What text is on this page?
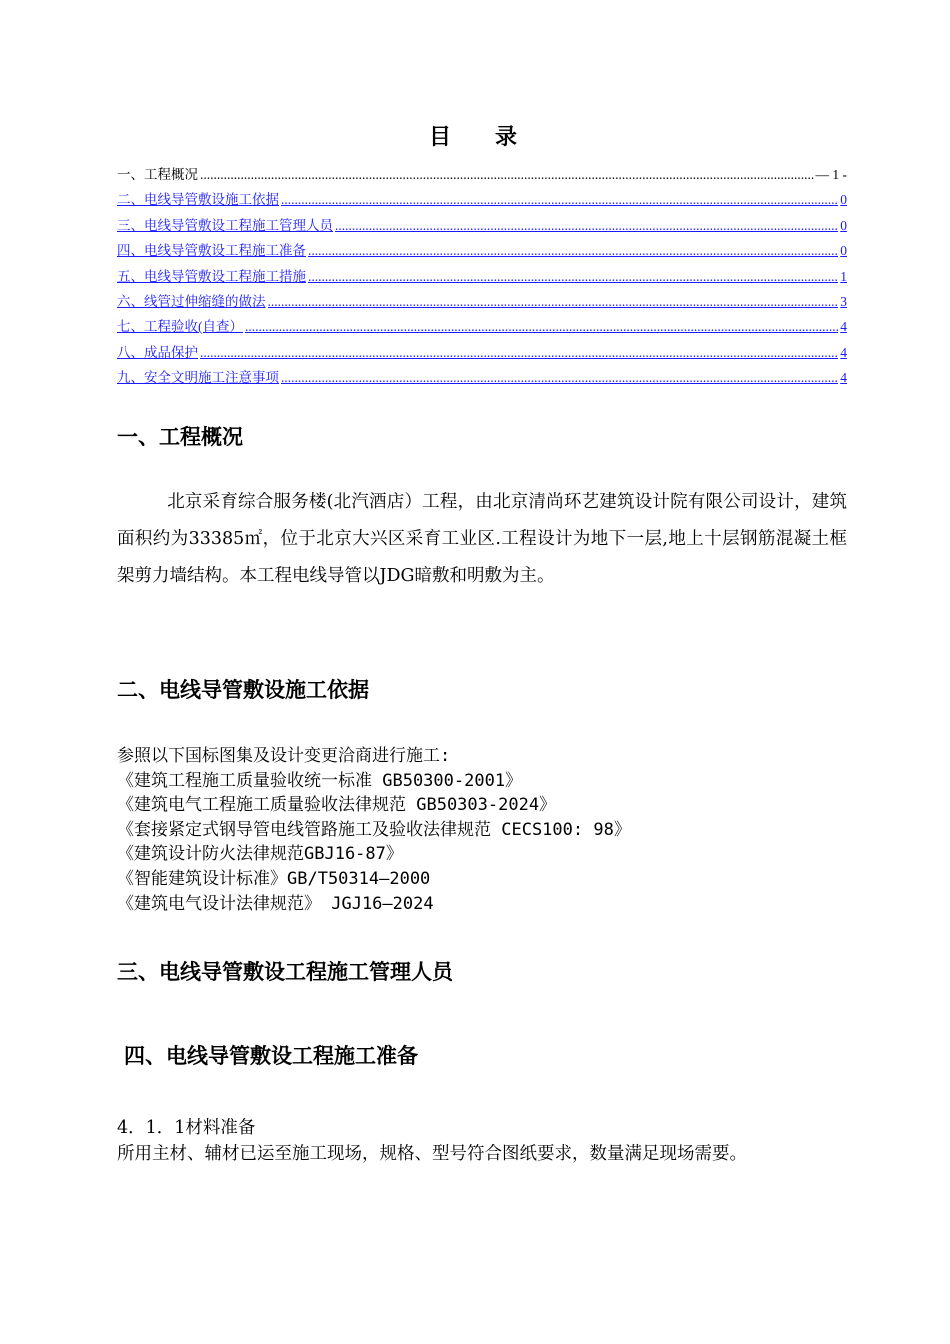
目 录
一、工程概况 .....	— 1 -
二、电线导管敷设施工依据 .....	0
三、电线导管敷设工程施工管理人员 .....	0
四、电线导管敷设工程施工准备 .....	0
五、电线导管敷设工程施工措施 .....	1
六、线管过伸缩缝的做法 .....	3
七、工程验收(自查） .....	4
八、成品保护 .....	4
九、安全文明施工注意事项 .....	4
一、工程概况
北京采育综合服务楼(北汽酒店）工程，由北京清尚环艺建筑设计院有限公司设计，建筑面积约为33385㎡，位于北京大兴区采育工业区.工程设计为地下一层,地上十层钢筋混凝土框架剪力墙结构。本工程电线导管以JDG暗敷和明敷为主。
二、电线导管敷设施工依据
参照以下国标图集及设计变更洽商进行施工:
《建筑工程施工质量验收统一标准 GB50300-2001》
《建筑电气工程施工质量验收法律规范 GB50303-2024》
《套接紧定式钢导管电线管路施工及验收法律规范 CECS100: 98》
《建筑设计防火法律规范GBJ16-87》
《智能建筑设计标准》GB/T50314—2000
《建筑电气设计法律规范》 JGJ16—2024
三、电线导管敷设工程施工管理人员
四、电线导管敷设工程施工准备
4．1．1材料准备
所用主材、辅材已运至施工现场，规格、型号符合图纸要求，数量满足现场需要。
